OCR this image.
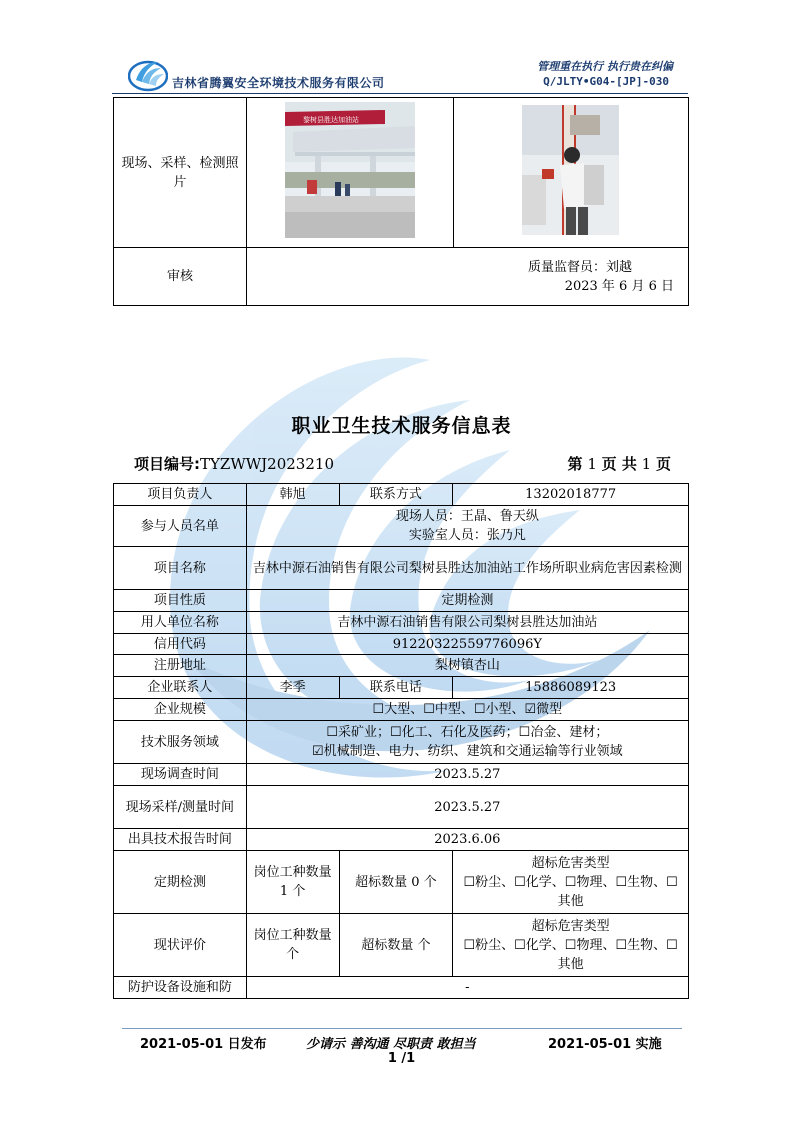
吉林省腾翼安全环境技术服务有限公司
管理重在执行 执行贵在纠偏
Q/JLTY•G04-[JP]-030
现场、采样、检测照片	黎树县胜达加油站

审核	质量监督员：刘越
2023 年 6 月 6 日	
职业卫生技术服务信息表
项目编号:TYZWWJ2023210	第 1 页 共 1 页
项目负责人	韩旭	联系方式	13202018777
参与人员名单	现场人员：王晶、鲁天纵
实验室人员：张乃凡		

项目名称	吉林中源石油销售有限公司梨树县胜达加油站工作场所职业病危害因素检测		
项目性质	定期检测		
用人单位名称	吉林中源石油销售有限公司梨树县胜达加油站		
信用代码	91220322559776096Y		
注册地址	梨树镇杏山		
企业联系人	李季	联系电话	15886089123
企业规模	☐大型、☐中型、☐小型、☑微型		
技术服务领域	☐采矿业；☐化工、石化及医药；☐冶金、建材；
☑机械制造、电力、纺织、建筑和交通运输等行业领域		

现场调查时间	2023.5.27		
现场采样/测量时间	2023.5.27		
出具技术报告时间	2023.6.06		
定期检测	岗位工种数量 1 个	超标数量 0 个	超标危害类型
☐粉尘、☐化学、☐物理、☐生物、☐其他

现状评价	岗位工种数量 个	超标数量 个	超标危害类型
☐粉尘、☐化学、☐物理、☐生物、☐其他

防护设备设施和防	-		
2021-05-01 日发布	少请示 善沟通 尽职责 敢担当	2021-05-01 实施
1 /1
